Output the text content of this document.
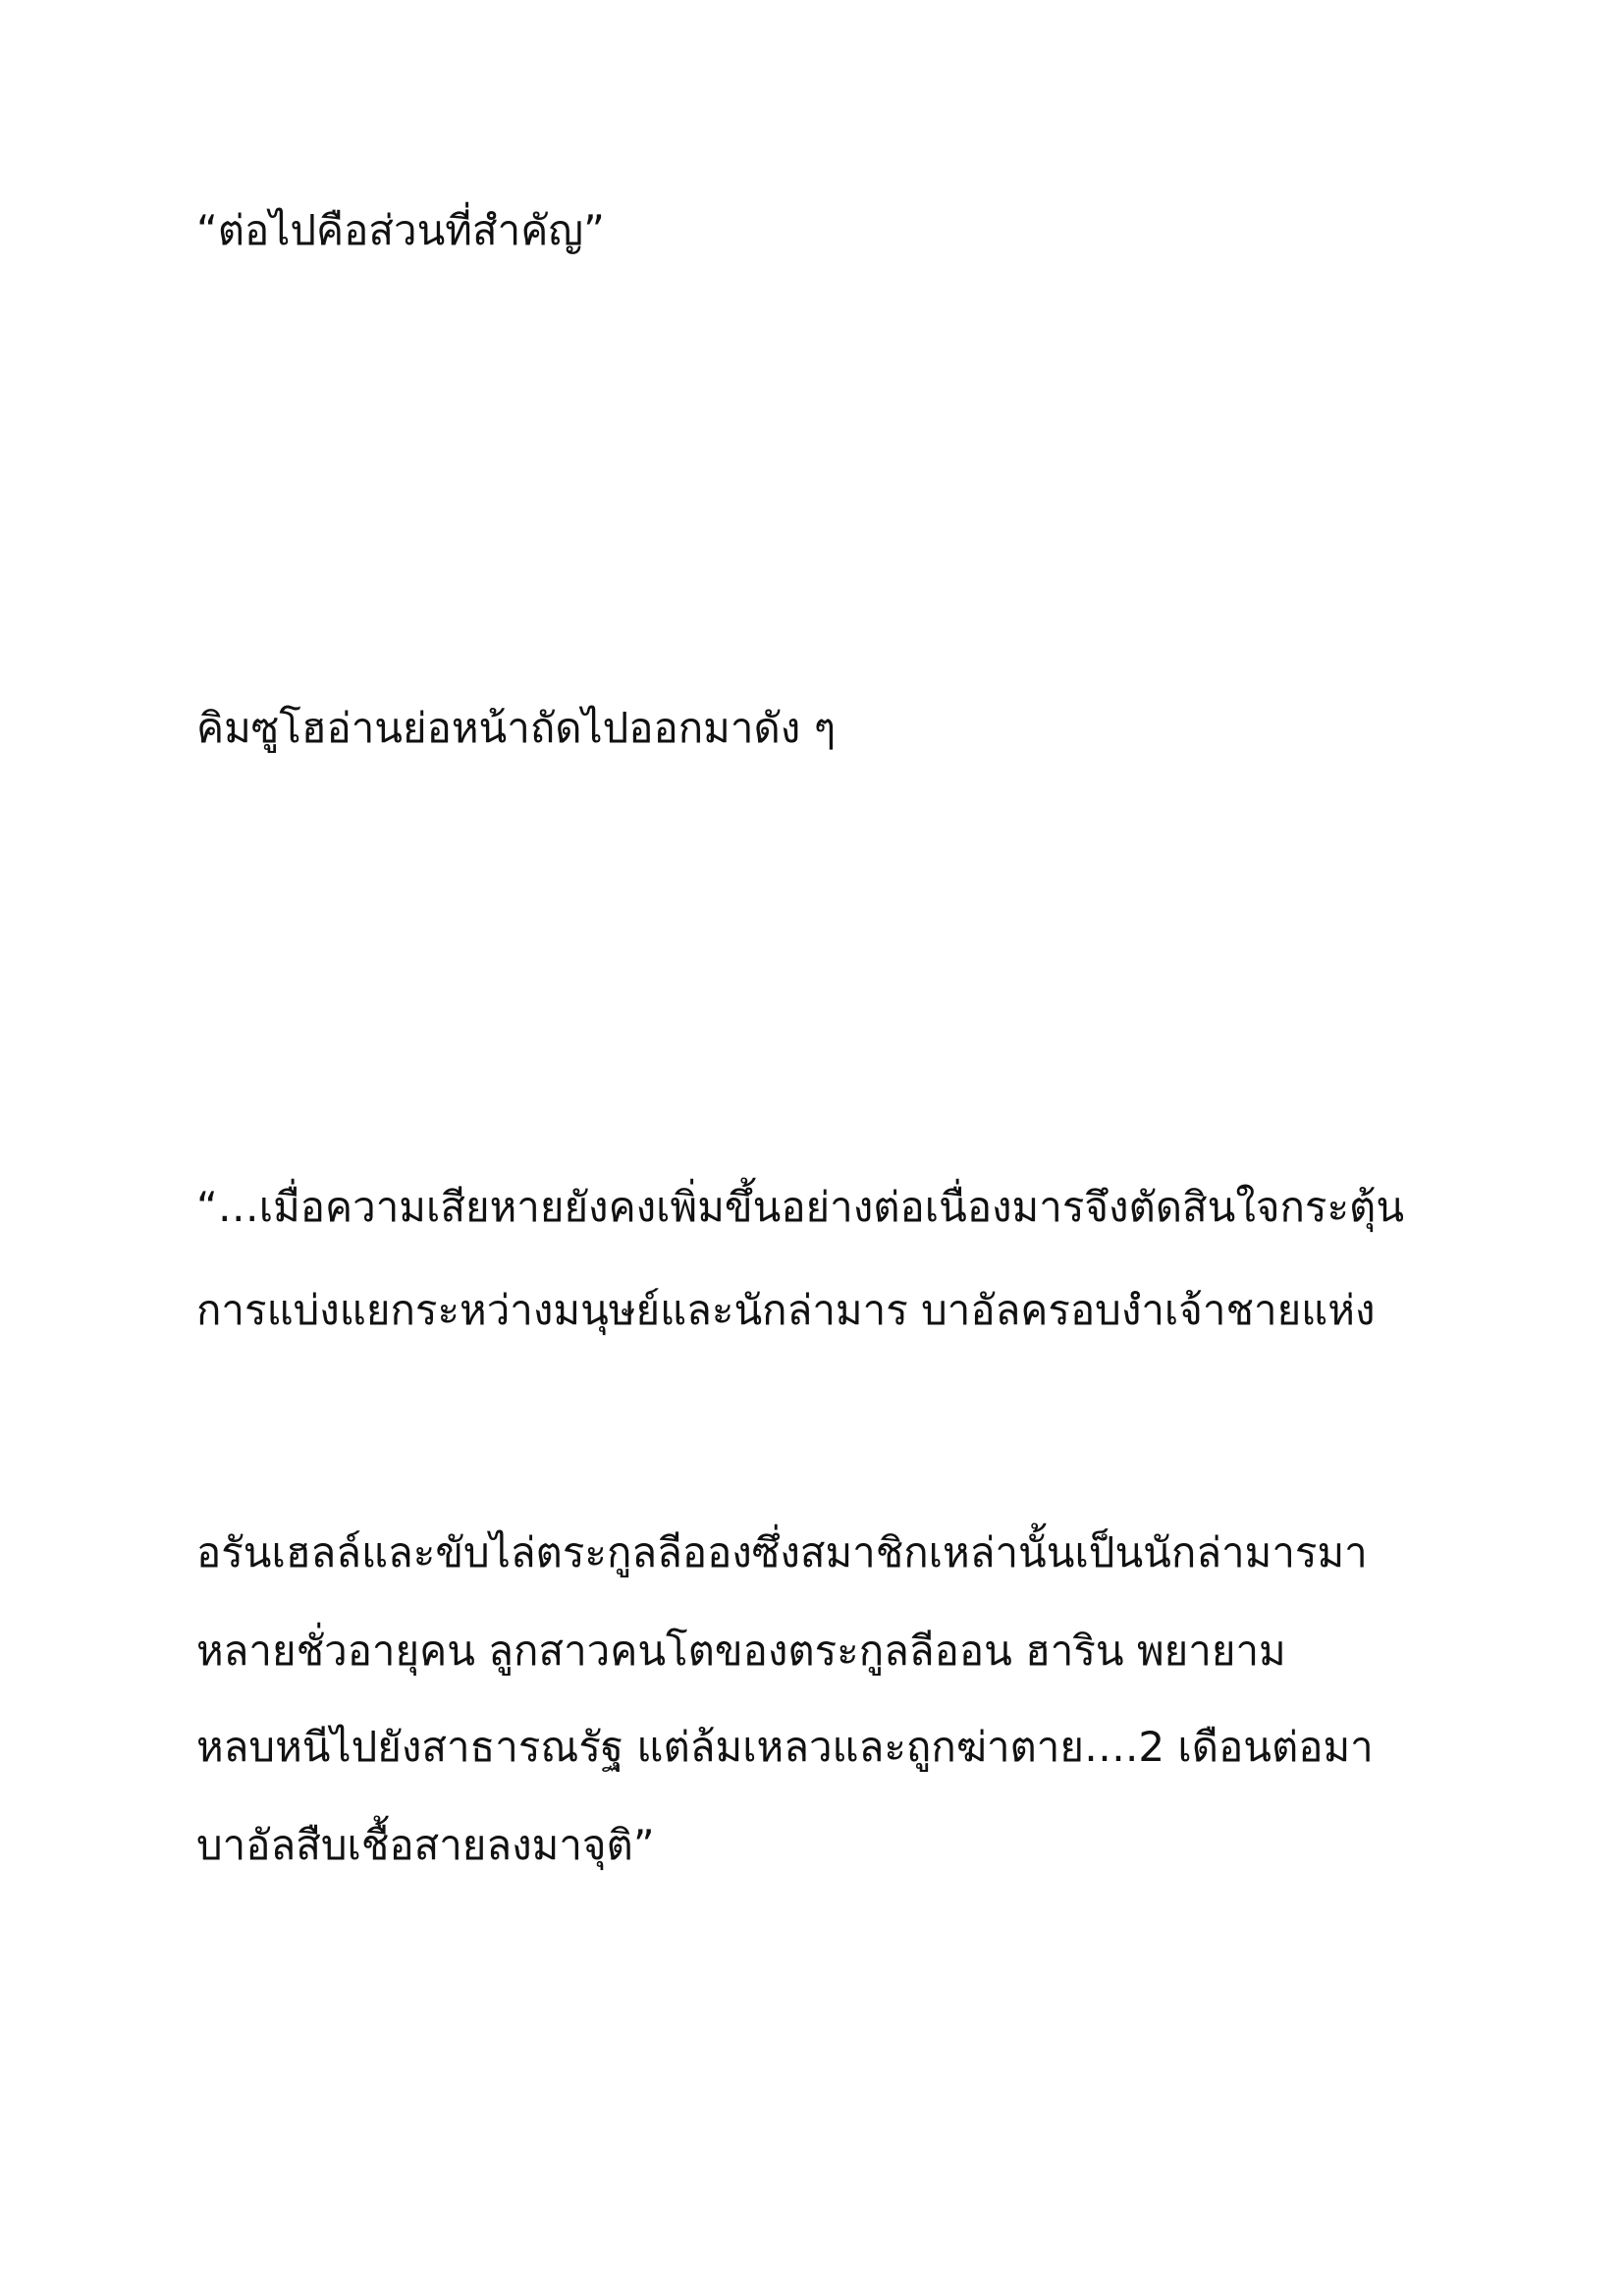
“ต่อไปคือส่วนที่สำคัญ”

คิมซูโฮอ่านย่อหน้าถัดไปออกมาดัง ๆ

“…เมื่อความเสียหายยังคงเพิ่มขึ้นอย่างต่อเนื่องมารจึงตัดสินใจกระตุ้น

การแบ่งแยกระหว่างมนุษย์และนักล่ามาร บาอัลครอบงำเจ้าชายแห่ง

อรันเฮลล์และขับไล่ตระกูลลีอองซึ่งสมาชิกเหล่านั้นเป็นนักล่ามารมา

หลายชั่วอายุคน ลูกสาวคนโตของตระกูลลีออน ฮาริน พยายาม

หลบหนีไปยังสาธารณรัฐ แต่ล้มเหลวและถูกฆ่าตาย….2 เดือนต่อมา

บาอัลสืบเชื้อสายลงมาจุติ”
